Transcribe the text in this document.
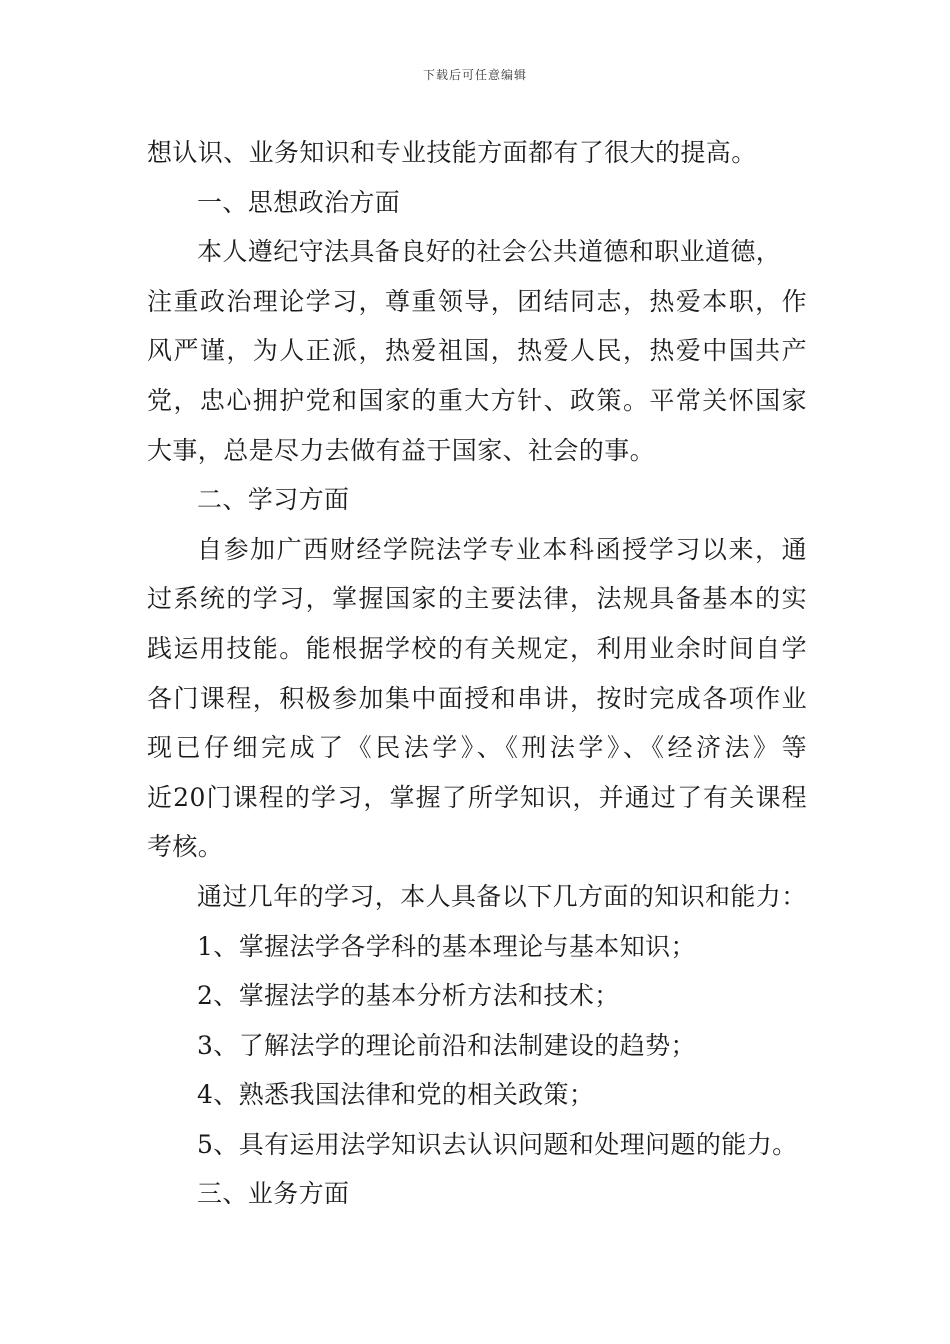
下载后可任意编辑
想认识、业务知识和专业技能方面都有了很大的提高。
一、思想政治方面
本人遵纪守法具备良好的社会公共道德和职业道德，
注重政治理论学习，尊重领导，团结同志，热爱本职，作
风严谨，为人正派，热爱祖国，热爱人民，热爱中国共产
党，忠心拥护党和国家的重大方针、政策。平常关怀国家
大事，总是尽力去做有益于国家、社会的事。
二、学习方面
自参加广西财经学院法学专业本科函授学习以来，通
过系统的学习，掌握国家的主要法律，法规具备基本的实
践运用技能。能根据学校的有关规定，利用业余时间自学
各门课程，积极参加集中面授和串讲，按时完成各项作业
现已仔细完成了《民法学》、《刑法学》、《经济法》等
近20门课程的学习，掌握了所学知识，并通过了有关课程
考核。
通过几年的学习，本人具备以下几方面的知识和能力：
1、掌握法学各学科的基本理论与基本知识；
2、掌握法学的基本分析方法和技术；
3、了解法学的理论前沿和法制建设的趋势；
4、熟悉我国法律和党的相关政策；
5、具有运用法学知识去认识问题和处理问题的能力。
三、业务方面
